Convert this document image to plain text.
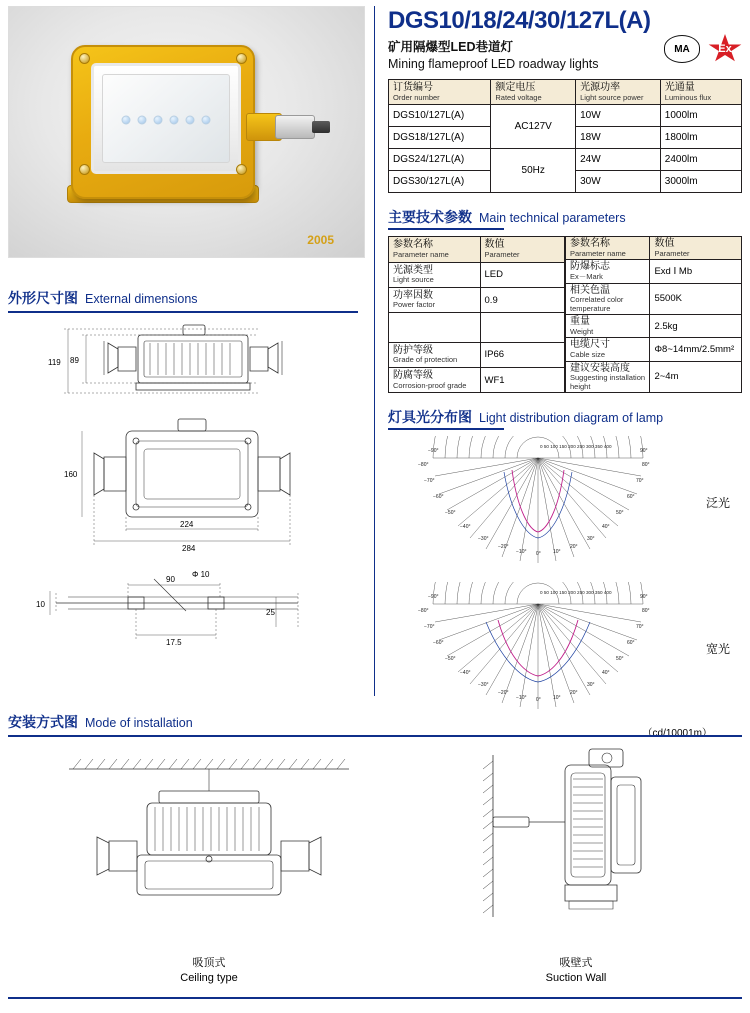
2005
DGS10/18/24/30/127L(A)
矿用隔爆型LED巷道灯
Mining flameproof LED roadway lights
MA	Ex
订货编号
Order number	额定电压
Rated voltage	光源功率
Light source power	光通量
Luminous flux

DGS10/127L(A)	AC127V	10W	1000lm
DGS18/127L(A)		18W	1800lm
DGS24/127L(A)	50Hz	24W	2400lm
DGS30/127L(A)		30W	3000lm
主要技术参数 Main technical parameters
参数名称
Parameter name	数值
Parameter

光源类型
Light source	LED

功率因数
Power factor	0.9

防护等级
Grade of protection	IP66

防腐等级
Corrosion-proof grade	WF1
参数名称
Parameter name	数值
Parameter

防爆标志
Ex－Mark	Exd Ⅰ Mb

相关色温
Correlated color temperature	5500K

重量
Weight	2.5kg

电缆尺寸
Cable size	Φ8~14mm/2.5mm²

建议安装高度
Suggesting installation height	2~4m
灯具光分布图 Light distribution diagram of lamp
−90°
−80°
−70°
−60°
−50°
−40°
−30°
−20°
−10° 0° 10°
20°
30°
40°
50°
60°
70°
80°
90°
0 50 100 150 200 250 300 350 400
泛光
−90°
−80°
−70°
−60°
−50°
−40°
−30°
−20°
−10° 0° 10°
20°
30°
40°
50°
80°
70°
60°
90°
0 50 100 150 200 250 300 350 400
宽光
（cd/10001m）
外形尺寸图 External dimensions
119 89
160
224
284
10
90
Φ 10
17.5
25
安装方式图 Mode of installation
吸顶式
Ceiling type
吸壁式
Suction Wall
